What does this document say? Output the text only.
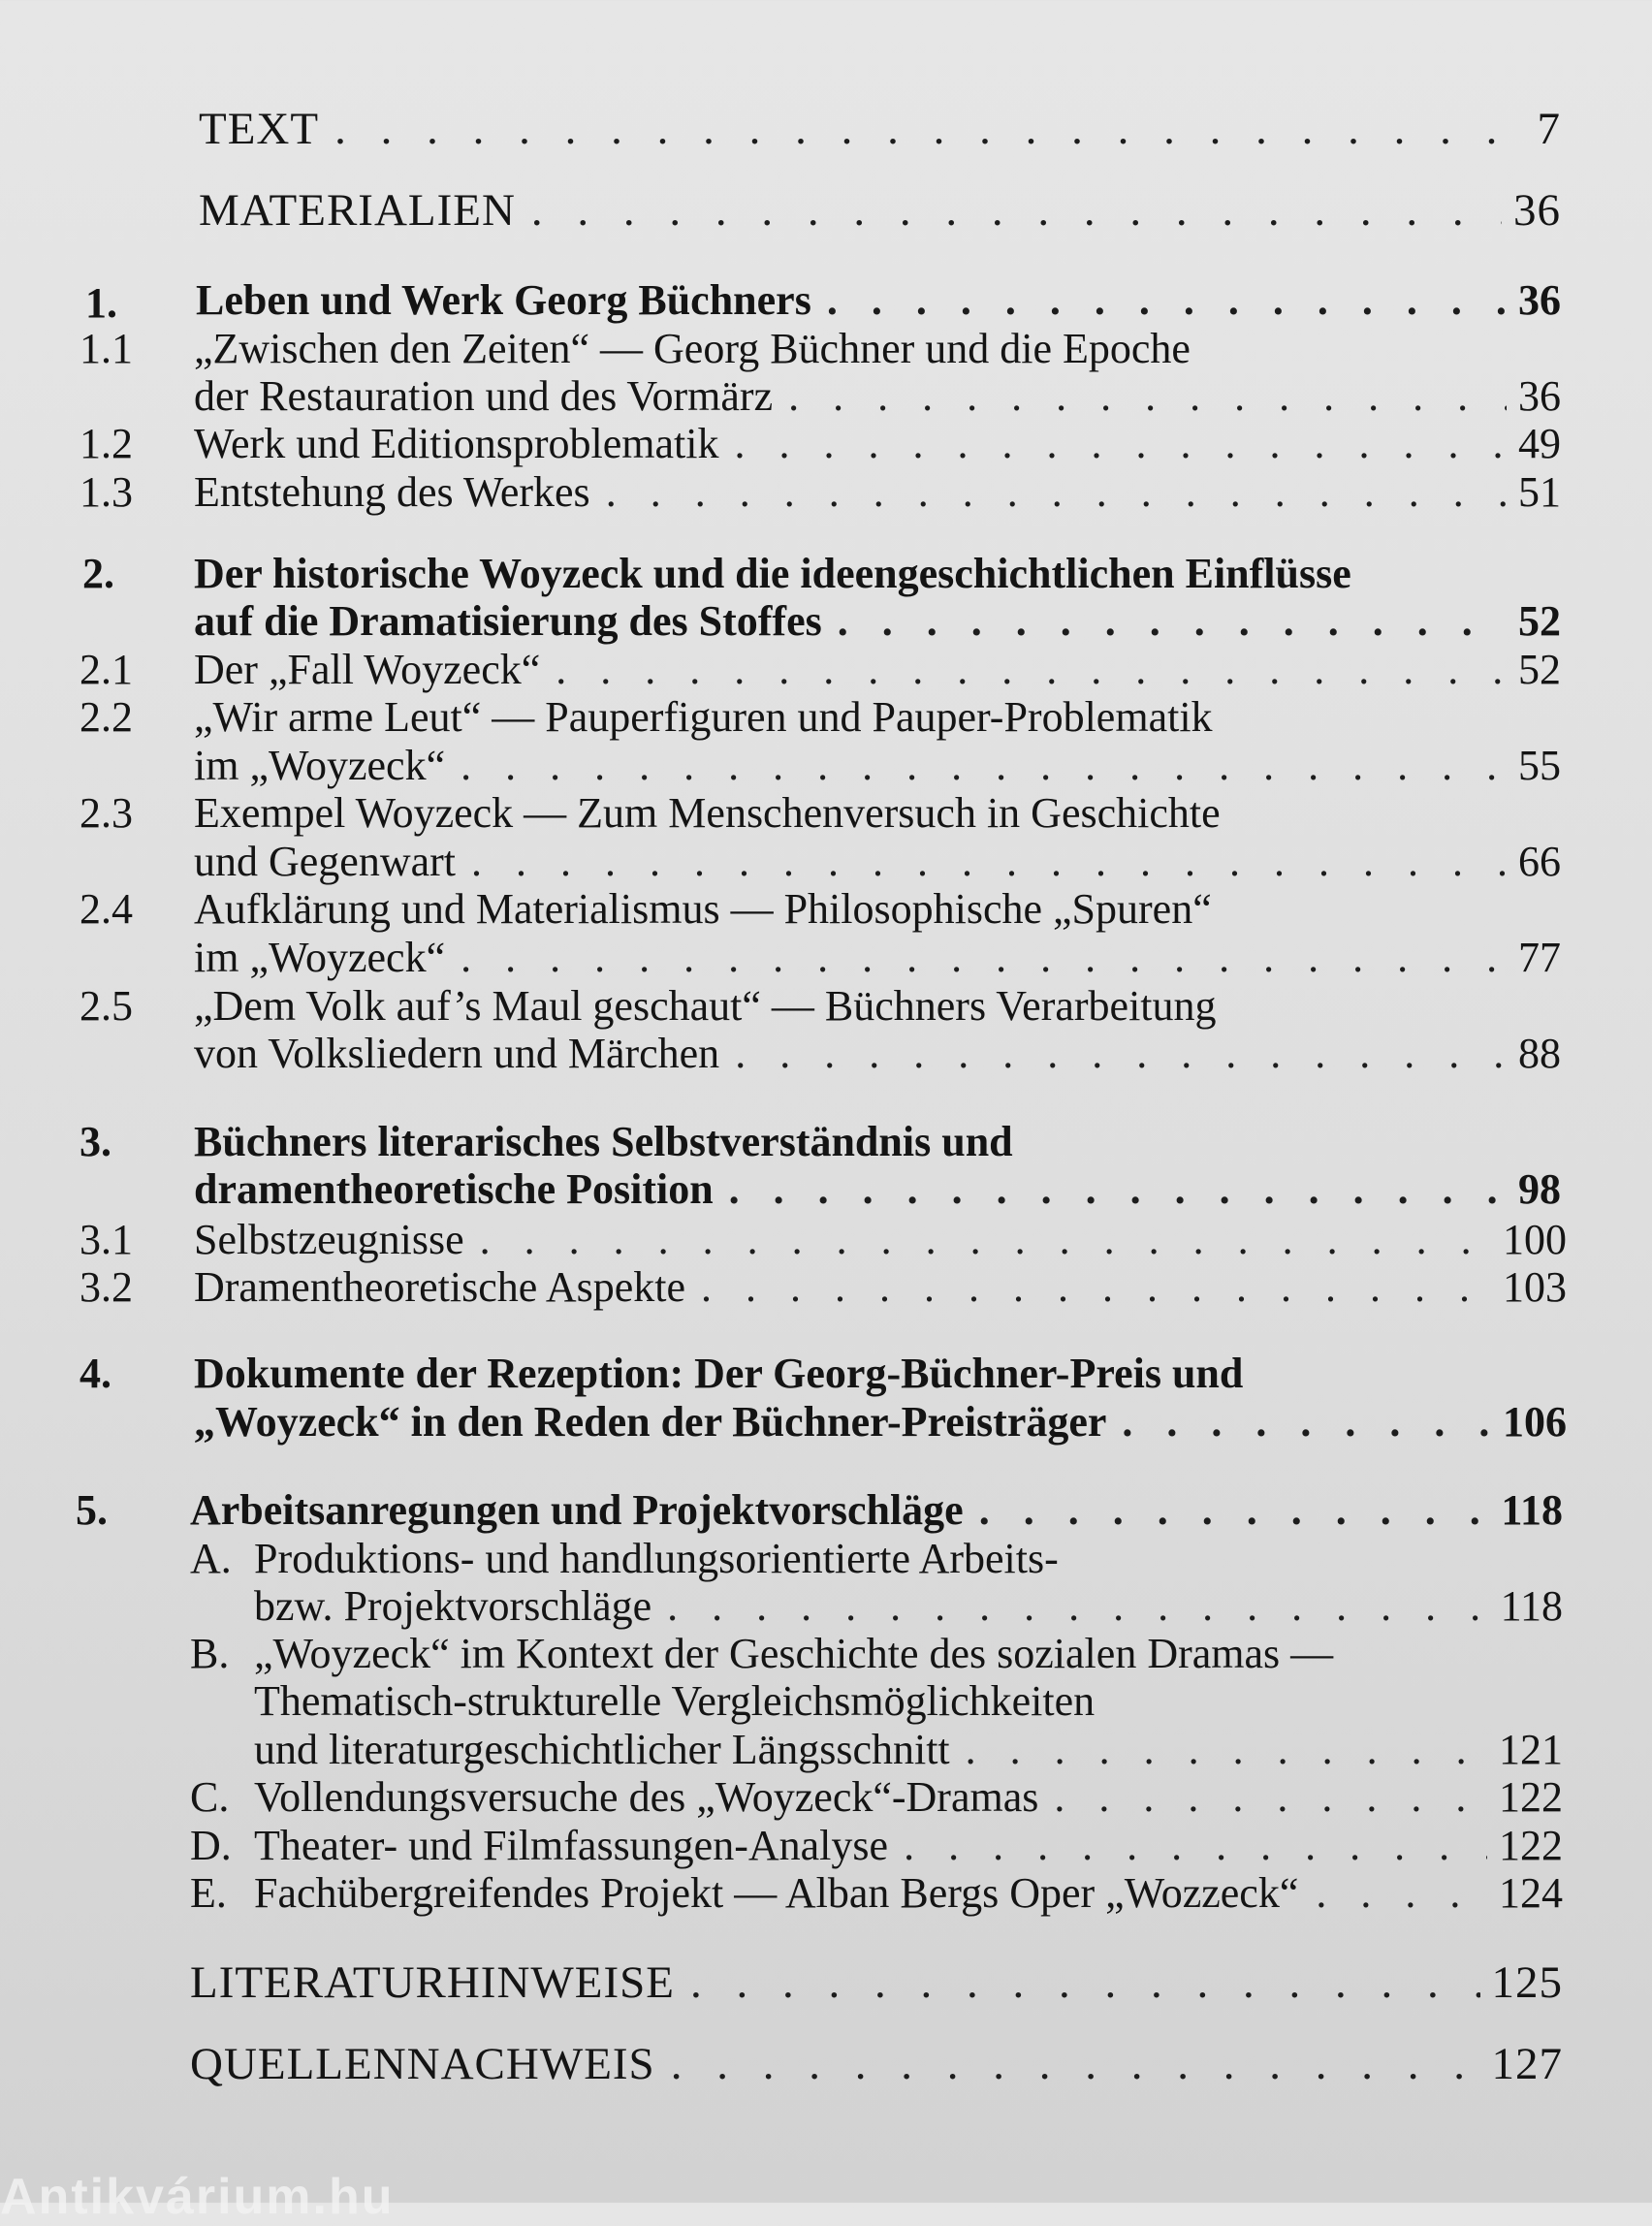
TEXT . . .	7
MATERIALIEN . . .	36
1. Leben und Werk Georg Büchners . . .	36
1.1 „Zwischen den Zeiten“ — Georg Büchner und die Epoche
der Restauration und des Vormärz . . .	36
1.2 Werk und Editionsproblematik . . .	49
1.3 Entstehung des Werkes . . .	51
2. Der historische Woyzeck und die ideengeschichtlichen Einflüsse
auf die Dramatisierung des Stoffes . . .	52
2.1 Der „Fall Woyzeck“ . . .	52
2.2 „Wir arme Leut“ — Pauperfiguren und Pauper-Problematik
im „Woyzeck“ . . .	55
2.3 Exempel Woyzeck — Zum Menschenversuch in Geschichte
und Gegenwart . . .	66
2.4 Aufklärung und Materialismus — Philosophische „Spuren“
im „Woyzeck“ . . .	77
2.5 „Dem Volk auf’s Maul geschaut“ — Büchners Verarbeitung
von Volksliedern und Märchen . . .	88
3. Büchners literarisches Selbstverständnis und
dramentheoretische Position . . .	98
3.1 Selbstzeugnisse . . .	100
3.2 Dramentheoretische Aspekte . . .	103
4. Dokumente der Rezeption: Der Georg-Büchner-Preis und
„Woyzeck“ in den Reden der Büchner-Preisträger . . .	106
5. Arbeitsanregungen und Projektvorschläge . . .	118
A. Produktions- und handlungsorientierte Arbeits-
bzw. Projektvorschläge . . .	118
B. „Woyzeck“ im Kontext der Geschichte des sozialen Dramas —
Thematisch-strukturelle Vergleichsmöglichkeiten
und literaturgeschichtlicher Längsschnitt . . .	121
C. Vollendungsversuche des „Woyzeck“-Dramas . . .	122
D. Theater- und Filmfassungen-Analyse . . .	122
E. Fachübergreifendes Projekt — Alban Bergs Oper „Wozzeck“ . . .	124
LITERATURHINWEISE . . .	125
QUELLENNACHWEIS . . .	127
Antikvárium.hu
